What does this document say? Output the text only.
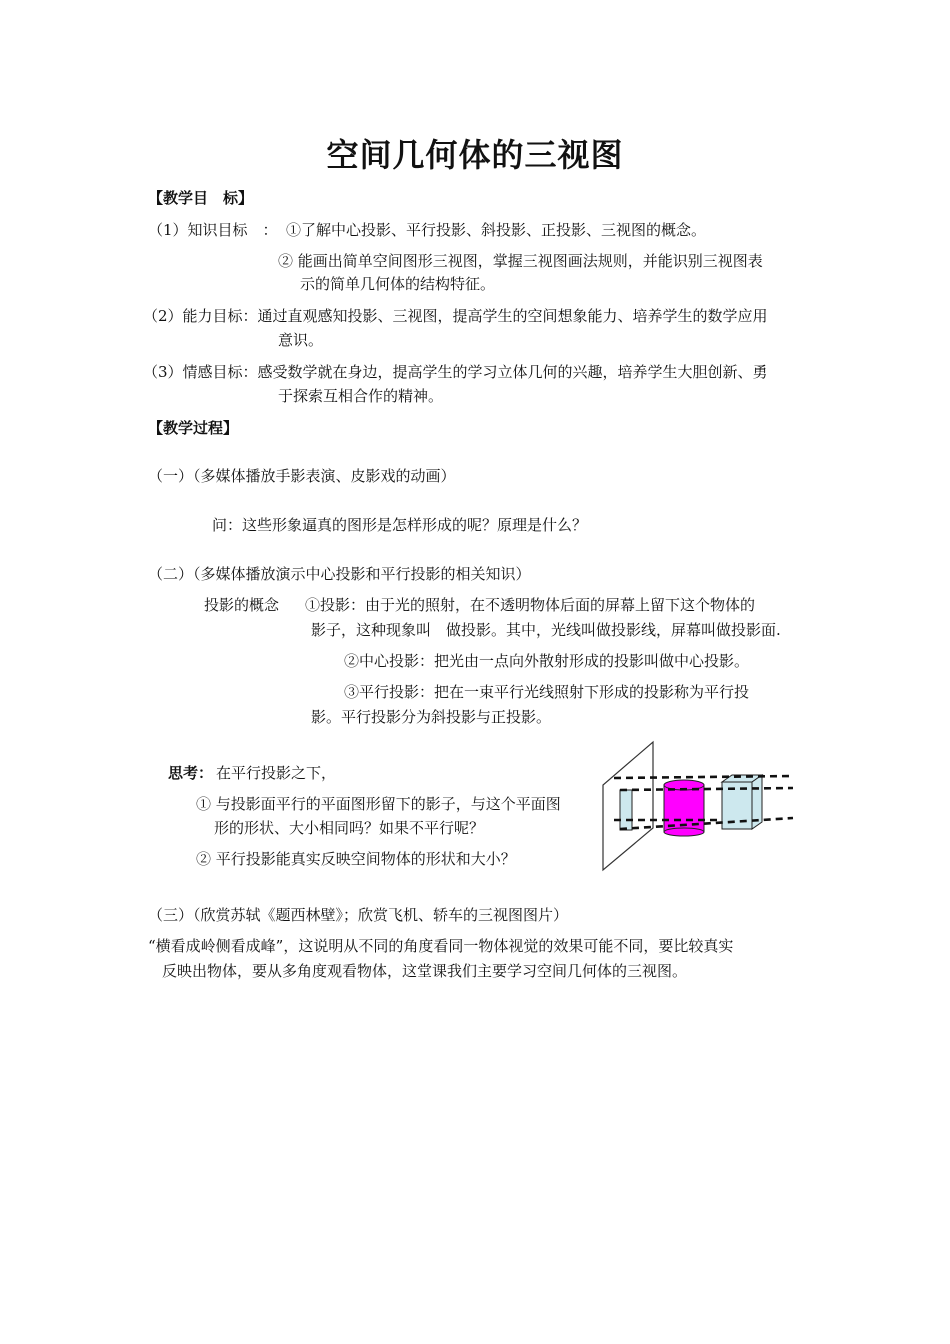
空间几何体的三视图
【教学目　标】
（1）知识目标　： ①了解中心投影、平行投影、斜投影、正投影、三视图的概念。
② 能画出简单空间图形三视图，掌握三视图画法规则，并能识别三视图表
示的简单几何体的结构特征。
（2）能力目标：通过直观感知投影、三视图，提高学生的空间想象能力、培养学生的数学应用
意识。
（3）情感目标：感受数学就在身边，提高学生的学习立体几何的兴趣，培养学生大胆创新、勇
于探索互相合作的精神。
【教学过程】
（一）（多媒体播放手影表演、皮影戏的动画）
问：这些形象逼真的图形是怎样形成的呢？原理是什么？
（二）（多媒体播放演示中心投影和平行投影的相关知识）
投影的概念 ①投影：由于光的照射，在不透明物体后面的屏幕上留下这个物体的
影子，这种现象叫　做投影。其中，光线叫做投影线，屏幕叫做投影面.
②中心投影：把光由一点向外散射形成的投影叫做中心投影。
③平行投影：把在一束平行光线照射下形成的投影称为平行投
影。平行投影分为斜投影与正投影。
思考： 在平行投影之下，
① 与投影面平行的平面图形留下的影子，与这个平面图
形的形状、大小相同吗？如果不平行呢？
② 平行投影能真实反映空间物体的形状和大小？
（三）（欣赏苏轼《题西林壁》；欣赏飞机、轿车的三视图图片）
“横看成岭侧看成峰”，这说明从不同的角度看同一物体视觉的效果可能不同，要比较真实
反映出物体，要从多角度观看物体，这堂课我们主要学习空间几何体的三视图。
